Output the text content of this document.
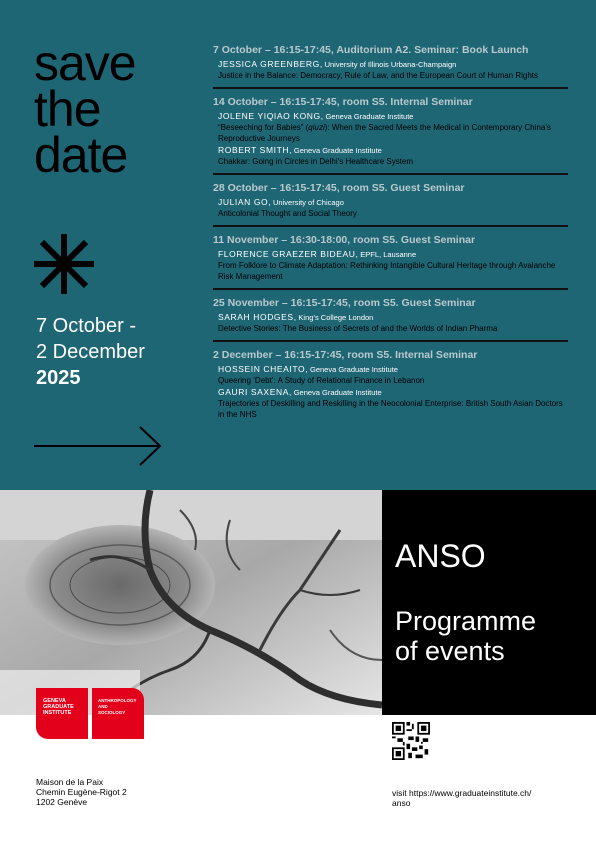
save
the
date
7 October -
2 December
2025
7 October – 16:15-17:45, Auditorium A2. Seminar: Book Launch
JESSICA GREENBERG, University of Illinois Urbana-Champaign
Justice in the Balance: Democracy, Rule of Law, and the European Court of Human Rights
14 October – 16:15-17:45, room S5. Internal Seminar
JOLENE YIQIAO KONG, Geneva Graduate Institute
“Beseeching for Babies” (qiuzi): When the Sacred Meets the Medical in Contemporary China’s Reproductive Journeys
ROBERT SMITH, Geneva Graduate Institute
Chakkar: Going in Circles in Delhi’s Healthcare System
28 October – 16:15-17:45, room S5. Guest Seminar
JULIAN GO, University of Chicago
Anticolonial Thought and Social Theory
11 November – 16:30-18:00, room S5. Guest Seminar
FLORENCE GRAEZER BIDEAU, EPFL, Lausanne
From Folklore to Climate Adaptation: Rethinking Intangible Cultural Heritage through Avalanche Risk Management
25 November – 16:15-17:45, room S5. Guest Seminar
SARAH HODGES, King’s College London
Detective Stories: The Business of Secrets of and the Worlds of Indian Pharma
2 December – 16:15-17:45, room S5. Internal Seminar
HOSSEIN CHEAITO, Geneva Graduate Institute
Queering ‘Debt’: A Study of Relational Finance in Lebanon
GAURI SAXENA, Geneva Graduate Institute
Trajectories of Deskilling and Reskilling in the Neocolonial Enterprise: British South Asian Doctors in the NHS
ANSO
Programme
of events
GENEVA
GRADUATE
INSTITUTE
ANTHROPOLOGY
AND
SOCIOLOGY
Maison de la Paix
Chemin Eugène-Rigot 2
1202 Genève
visit https://www.graduateinstitute.ch/
anso
